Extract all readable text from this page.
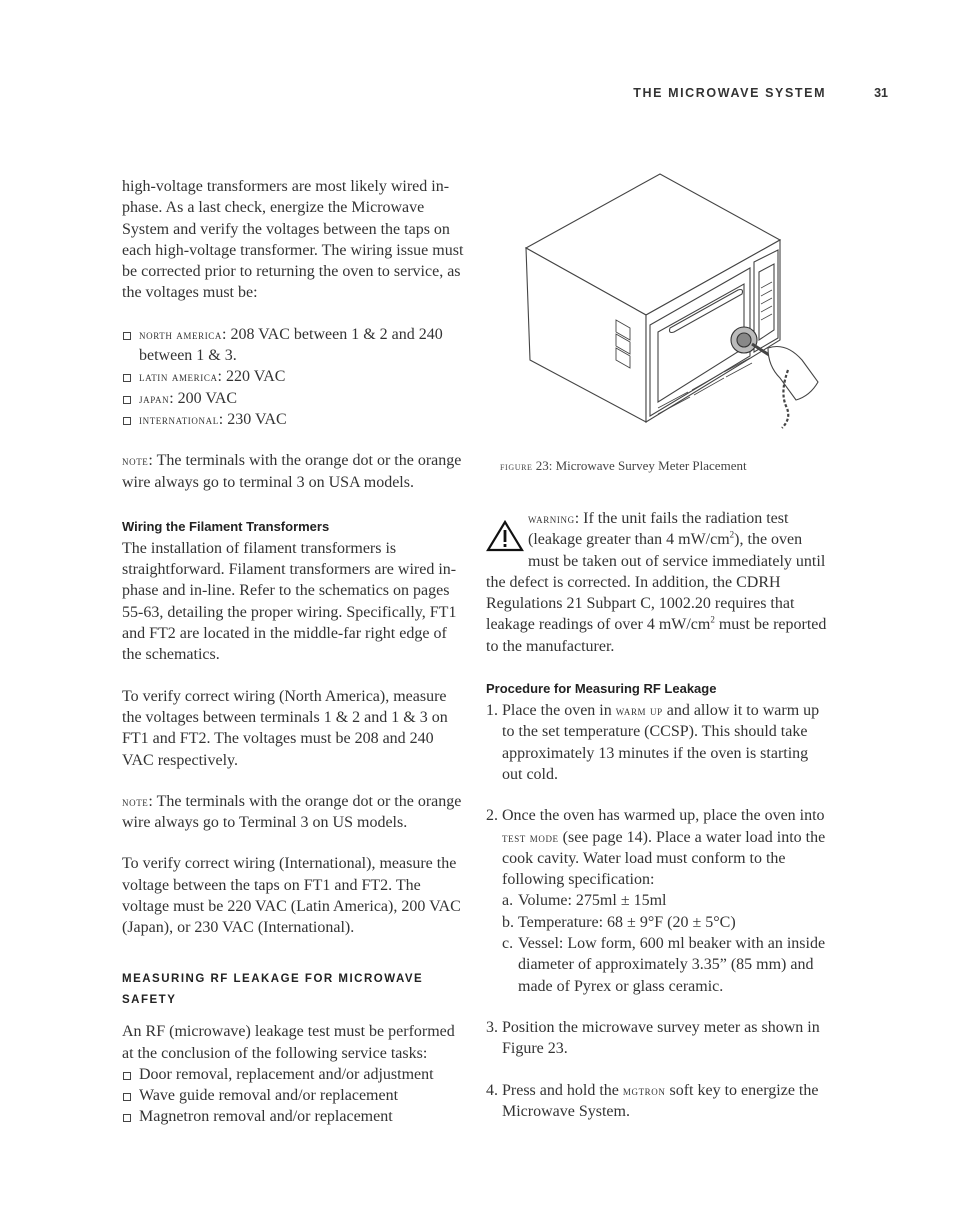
THE MICROWAVE SYSTEM	31

high-voltage transformers are most likely wired in-phase. As a last check, energize the Microwave System and verify the voltages between the taps on each high-voltage transformer. The wiring issue must be corrected prior to returning the oven to service, as the voltages must be:

north america: 208 VAC between 1 & 2 and 240 between 1 & 3.
latin america: 220 VAC
japan: 200 VAC
international: 230 VAC

note: The terminals with the orange dot or the orange wire always go to terminal 3 on USA models.

Wiring the Filament Transformers

The installation of filament transformers is straightforward. Filament transformers are wired in-phase and in-line. Refer to the schematics on pages 55-63, detailing the proper wiring. Specifically, FT1 and FT2 are located in the middle-far right edge of the schematics.

To verify correct wiring (North America), measure the voltages between terminals 1 & 2 and 1 & 3 on FT1 and FT2. The voltages must be 208 and 240 VAC respectively.

note: The terminals with the orange dot or the orange wire always go to Terminal 3 on US models.

To verify correct wiring (International), measure the voltage between the taps on FT1 and FT2. The voltage must be 220 VAC (Latin America), 200 VAC (Japan), or 230 VAC (International).

MEASURING RF LEAKAGE FOR MICROWAVE SAFETY
An RF (microwave) leakage test must be performed at the conclusion of the following service tasks:
Door removal, replacement and/or adjustment
Wave guide removal and/or replacement
Magnetron removal and/or replacement
figure 23: Microwave Survey Meter Placement

warning: If the unit fails the radiation test (leakage greater than 4 $mW/cm^2$), the oven must be taken out of service immediately until the defect is corrected. In addition, the CDRH Regulations 21 Subpart C, 1002.20 requires that leakage readings of over 4 $mW/cm^2$ must be reported to the manufacturer.

Procedure for Measuring RF Leakage
1. Place the oven in warm up and allow it to warm up to the set temperature (CCSP). This should take approximately 13 minutes if the oven is starting out cold.
2. Once the oven has warmed up, place the oven into test mode (see page 14). Place a water load into the cook cavity. Water load must conform to the following specification:
a. Volume: 275ml ± 15ml
b. Temperature: 68 ± 9°F (20 ± 5°C)
c. Vessel: Low form, 600 ml beaker with an inside diameter of approximately 3.35” (85 mm) and made of Pyrex or glass ceramic.
3. Position the microwave survey meter as shown in Figure 23.
4. Press and hold the mgtron soft key to energize the Microwave System.
